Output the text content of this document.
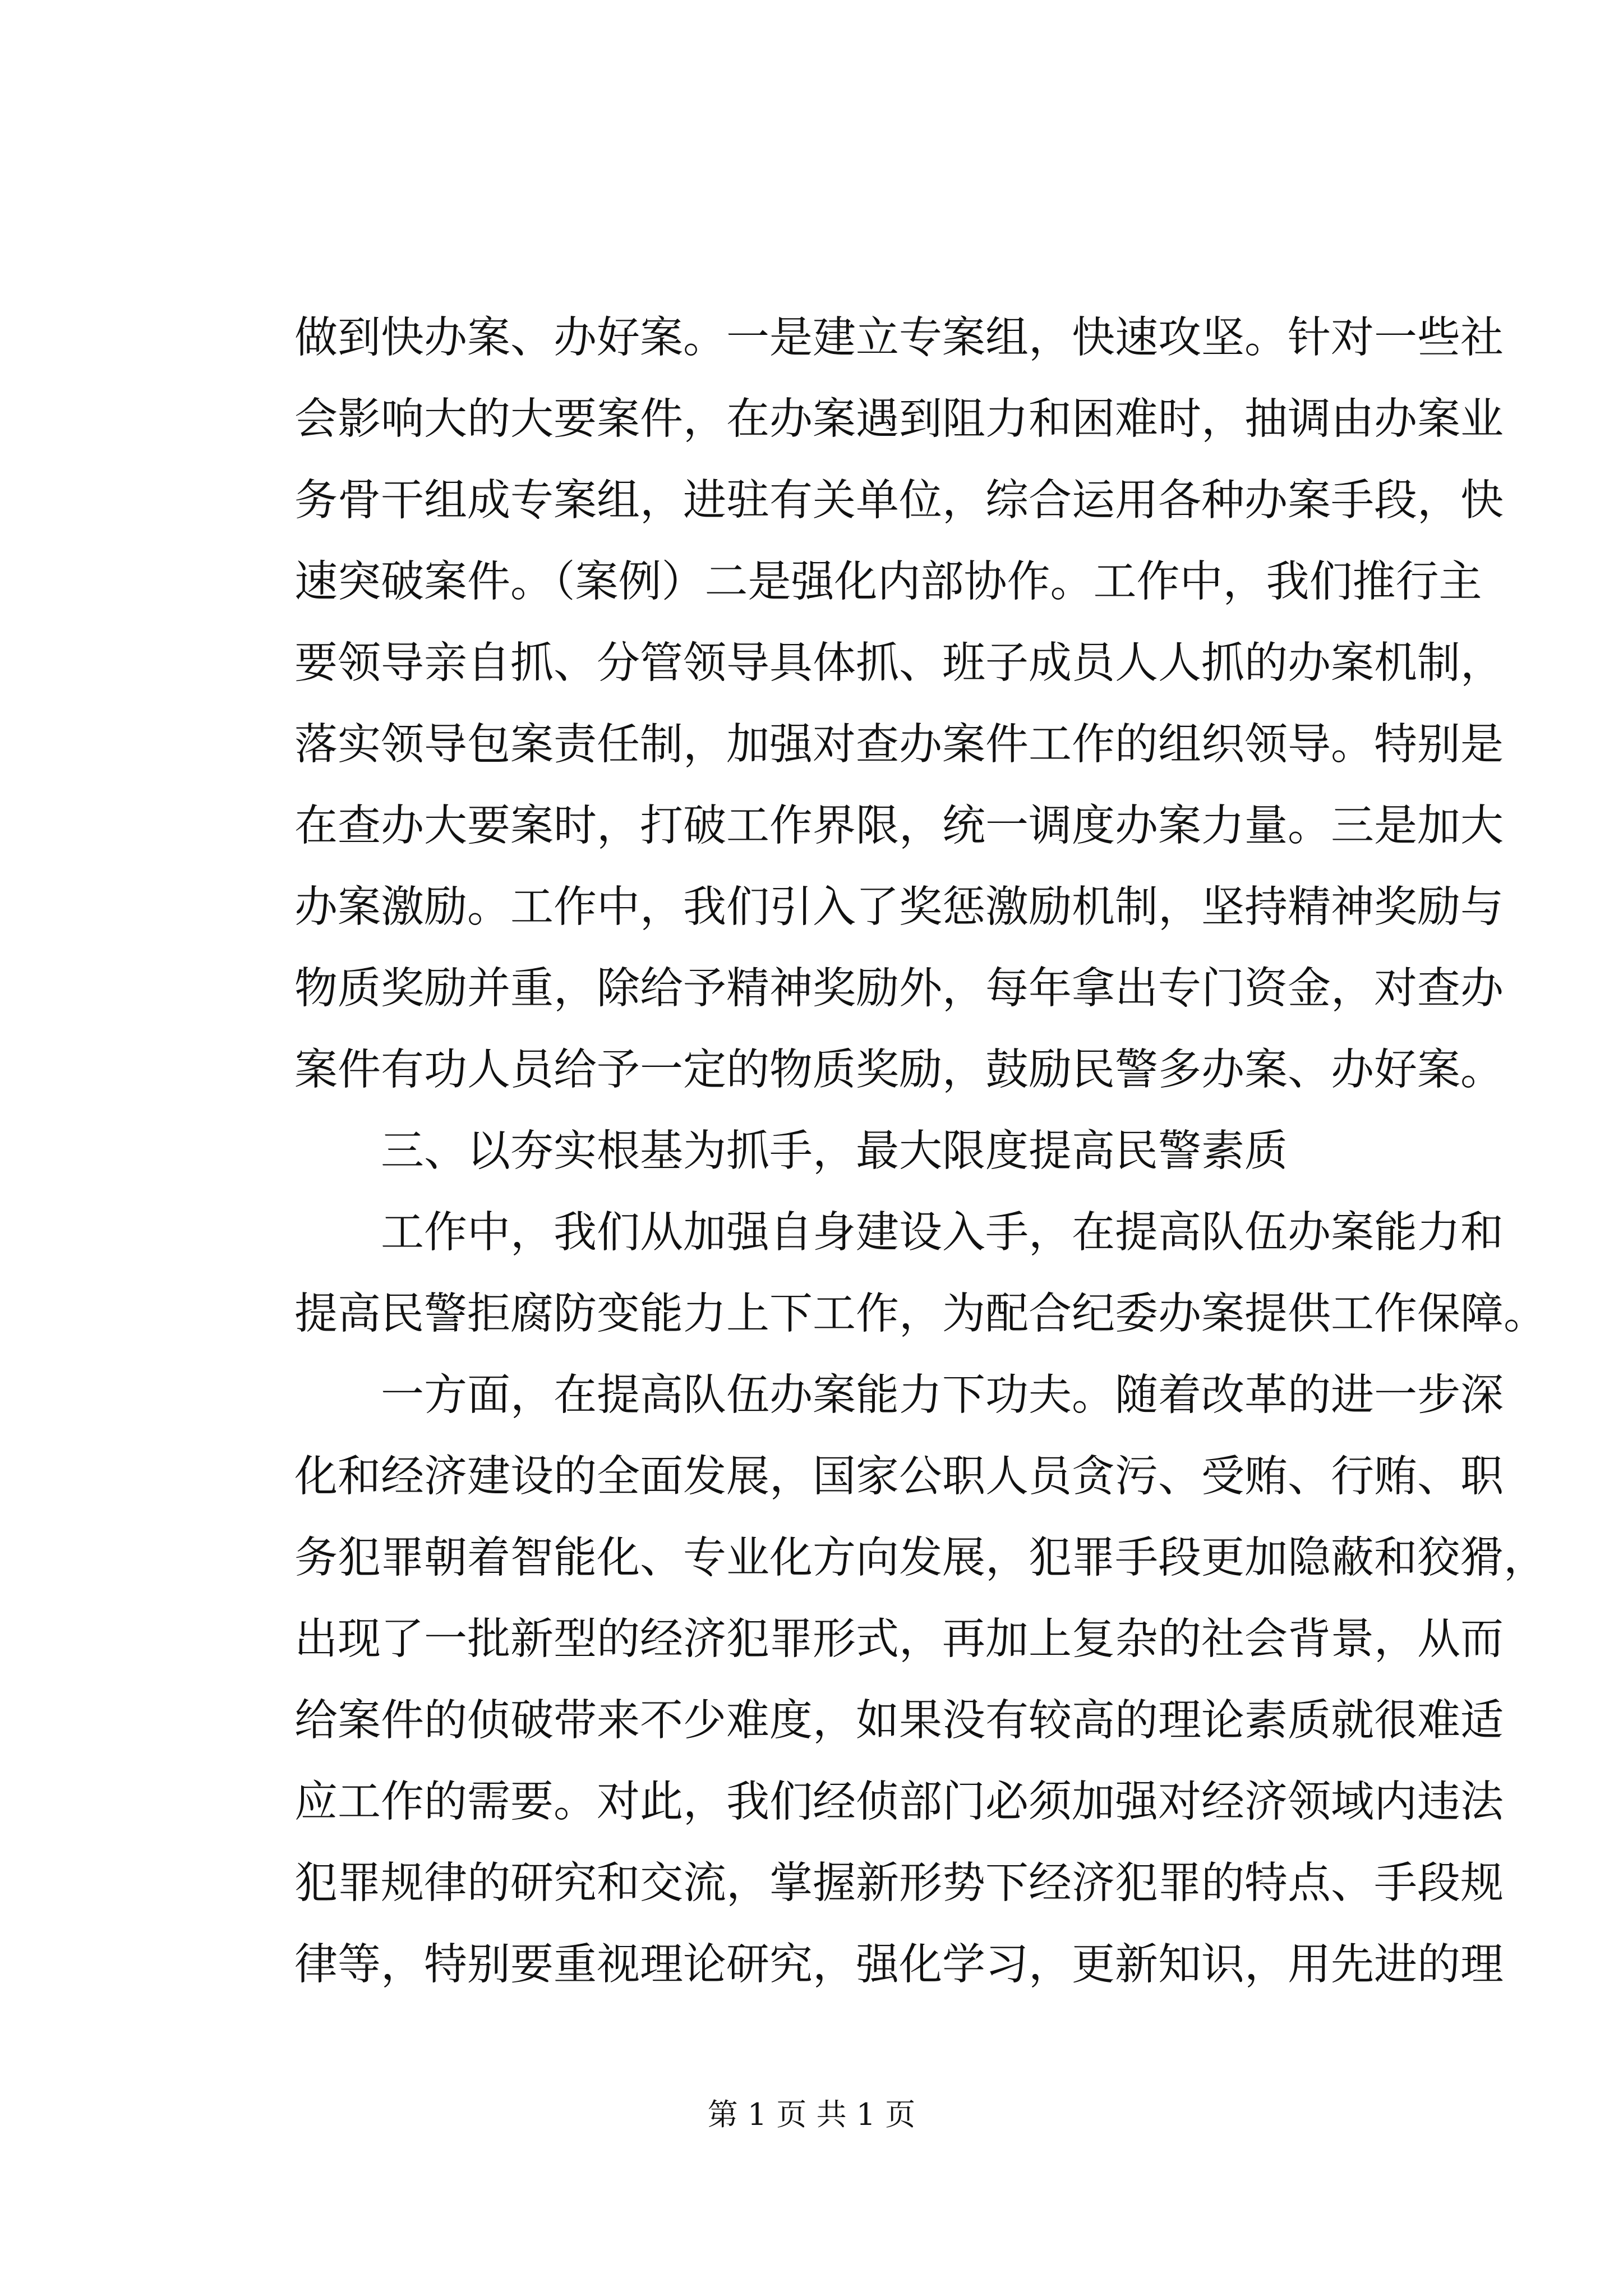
做到快办案、办好案。一是建立专案组，快速攻坚。针对一些社
会影响大的大要案件，在办案遇到阻力和困难时，抽调由办案业
务骨干组成专案组，进驻有关单位，综合运用各种办案手段，快
速突破案件。（案例）二是强化内部协作。工作中，我们推行主
要领导亲自抓、分管领导具体抓、班子成员人人抓的办案机制，
落实领导包案责任制，加强对查办案件工作的组织领导。特别是
在查办大要案时，打破工作界限，统一调度办案力量。三是加大
办案激励。工作中，我们引入了奖惩激励机制，坚持精神奖励与
物质奖励并重，除给予精神奖励外，每年拿出专门资金，对查办
案件有功人员给予一定的物质奖励，鼓励民警多办案、办好案。
三、以夯实根基为抓手，最大限度提高民警素质
工作中，我们从加强自身建设入手，在提高队伍办案能力和
提高民警拒腐防变能力上下工作，为配合纪委办案提供工作保障。
一方面，在提高队伍办案能力下功夫。随着改革的进一步深
化和经济建设的全面发展，国家公职人员贪污、受贿、行贿、职
务犯罪朝着智能化、专业化方向发展，犯罪手段更加隐蔽和狡猾，
出现了一批新型的经济犯罪形式，再加上复杂的社会背景，从而
给案件的侦破带来不少难度，如果没有较高的理论素质就很难适
应工作的需要。对此，我们经侦部门必须加强对经济领域内违法
犯罪规律的研究和交流，掌握新形势下经济犯罪的特点、手段规
律等，特别要重视理论研究，强化学习，更新知识，用先进的理
第 1 页 共 1 页
